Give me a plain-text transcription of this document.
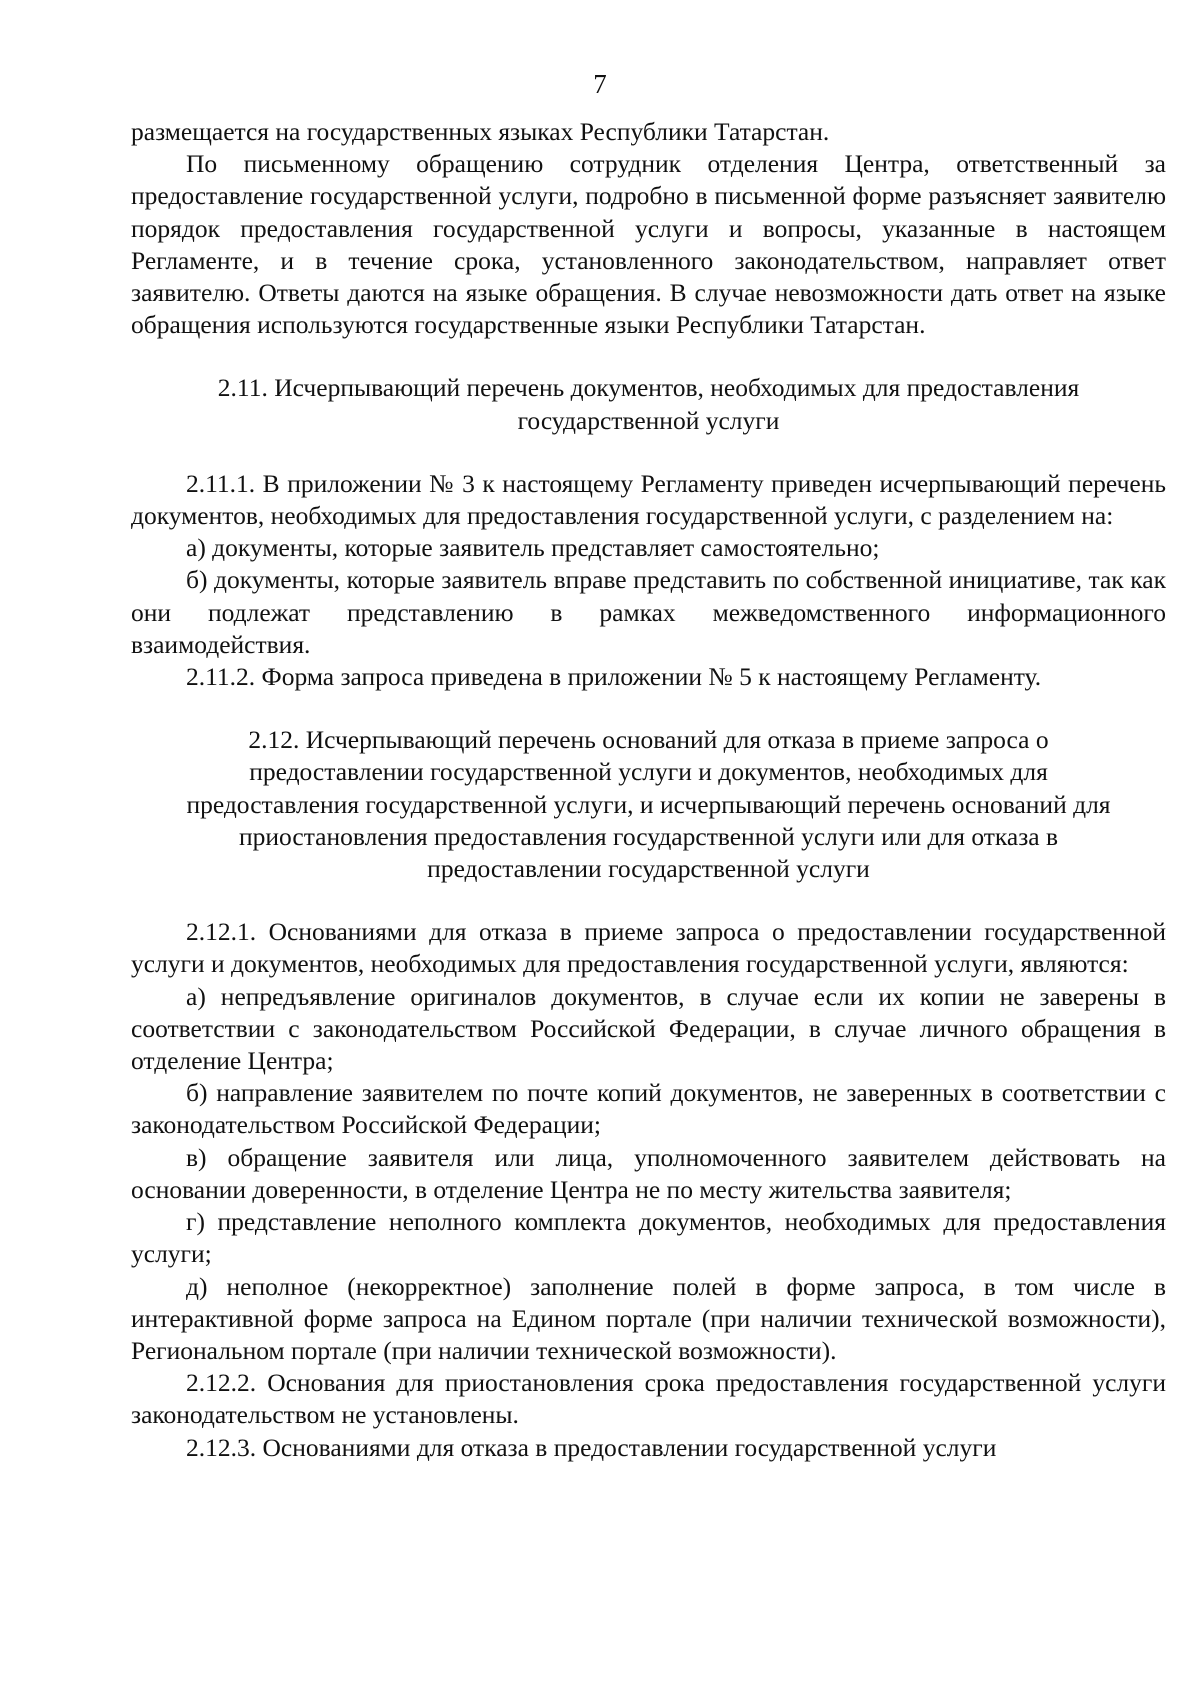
7

размещается на государственных языках Республики Татарстан.

По письменному обращению сотрудник отделения Центра, ответственный за предоставление государственной услуги, подробно в письменной форме разъясняет заявителю порядок предоставления государственной услуги и вопросы, указанные в настоящем Регламенте, и в течение срока, установленного законодательством, направляет ответ заявителю. Ответы даются на языке обращения. В случае невозможности дать ответ на языке обращения используются государственные языки Республики Татарстан.

2.11. Исчерпывающий перечень документов, необходимых для предоставления государственной услуги

2.11.1. В приложении № 3 к настоящему Регламенту приведен исчерпывающий перечень документов, необходимых для предоставления государственной услуги, с разделением на:

а) документы, которые заявитель представляет самостоятельно;

б) документы, которые заявитель вправе представить по собственной инициативе, так как они подлежат представлению в рамках межведомственного информационного взаимодействия.

2.11.2. Форма запроса приведена в приложении № 5 к настоящему Регламенту.

2.12. Исчерпывающий перечень оснований для отказа в приеме запроса о предоставлении государственной услуги и документов, необходимых для предоставления государственной услуги, и исчерпывающий перечень оснований для приостановления предоставления государственной услуги или для отказа в предоставлении государственной услуги

2.12.1. Основаниями для отказа в приеме запроса о предоставлении государственной услуги и документов, необходимых для предоставления государственной услуги, являются:

а) непредъявление оригиналов документов, в случае если их копии не заверены в соответствии с законодательством Российской Федерации, в случае личного обращения в отделение Центра;

б) направление заявителем по почте копий документов, не заверенных в соответствии с законодательством Российской Федерации;

в) обращение заявителя или лица, уполномоченного заявителем действовать на основании доверенности, в отделение Центра не по месту жительства заявителя;

г) представление неполного комплекта документов, необходимых для предоставления услуги;

д) неполное (некорректное) заполнение полей в форме запроса, в том числе в интерактивной форме запроса на Едином портале (при наличии технической возможности), Региональном портале (при наличии технической возможности).

2.12.2. Основания для приостановления срока предоставления государственной услуги законодательством не установлены.

2.12.3. Основаниями для отказа в предоставлении государственной услуги
